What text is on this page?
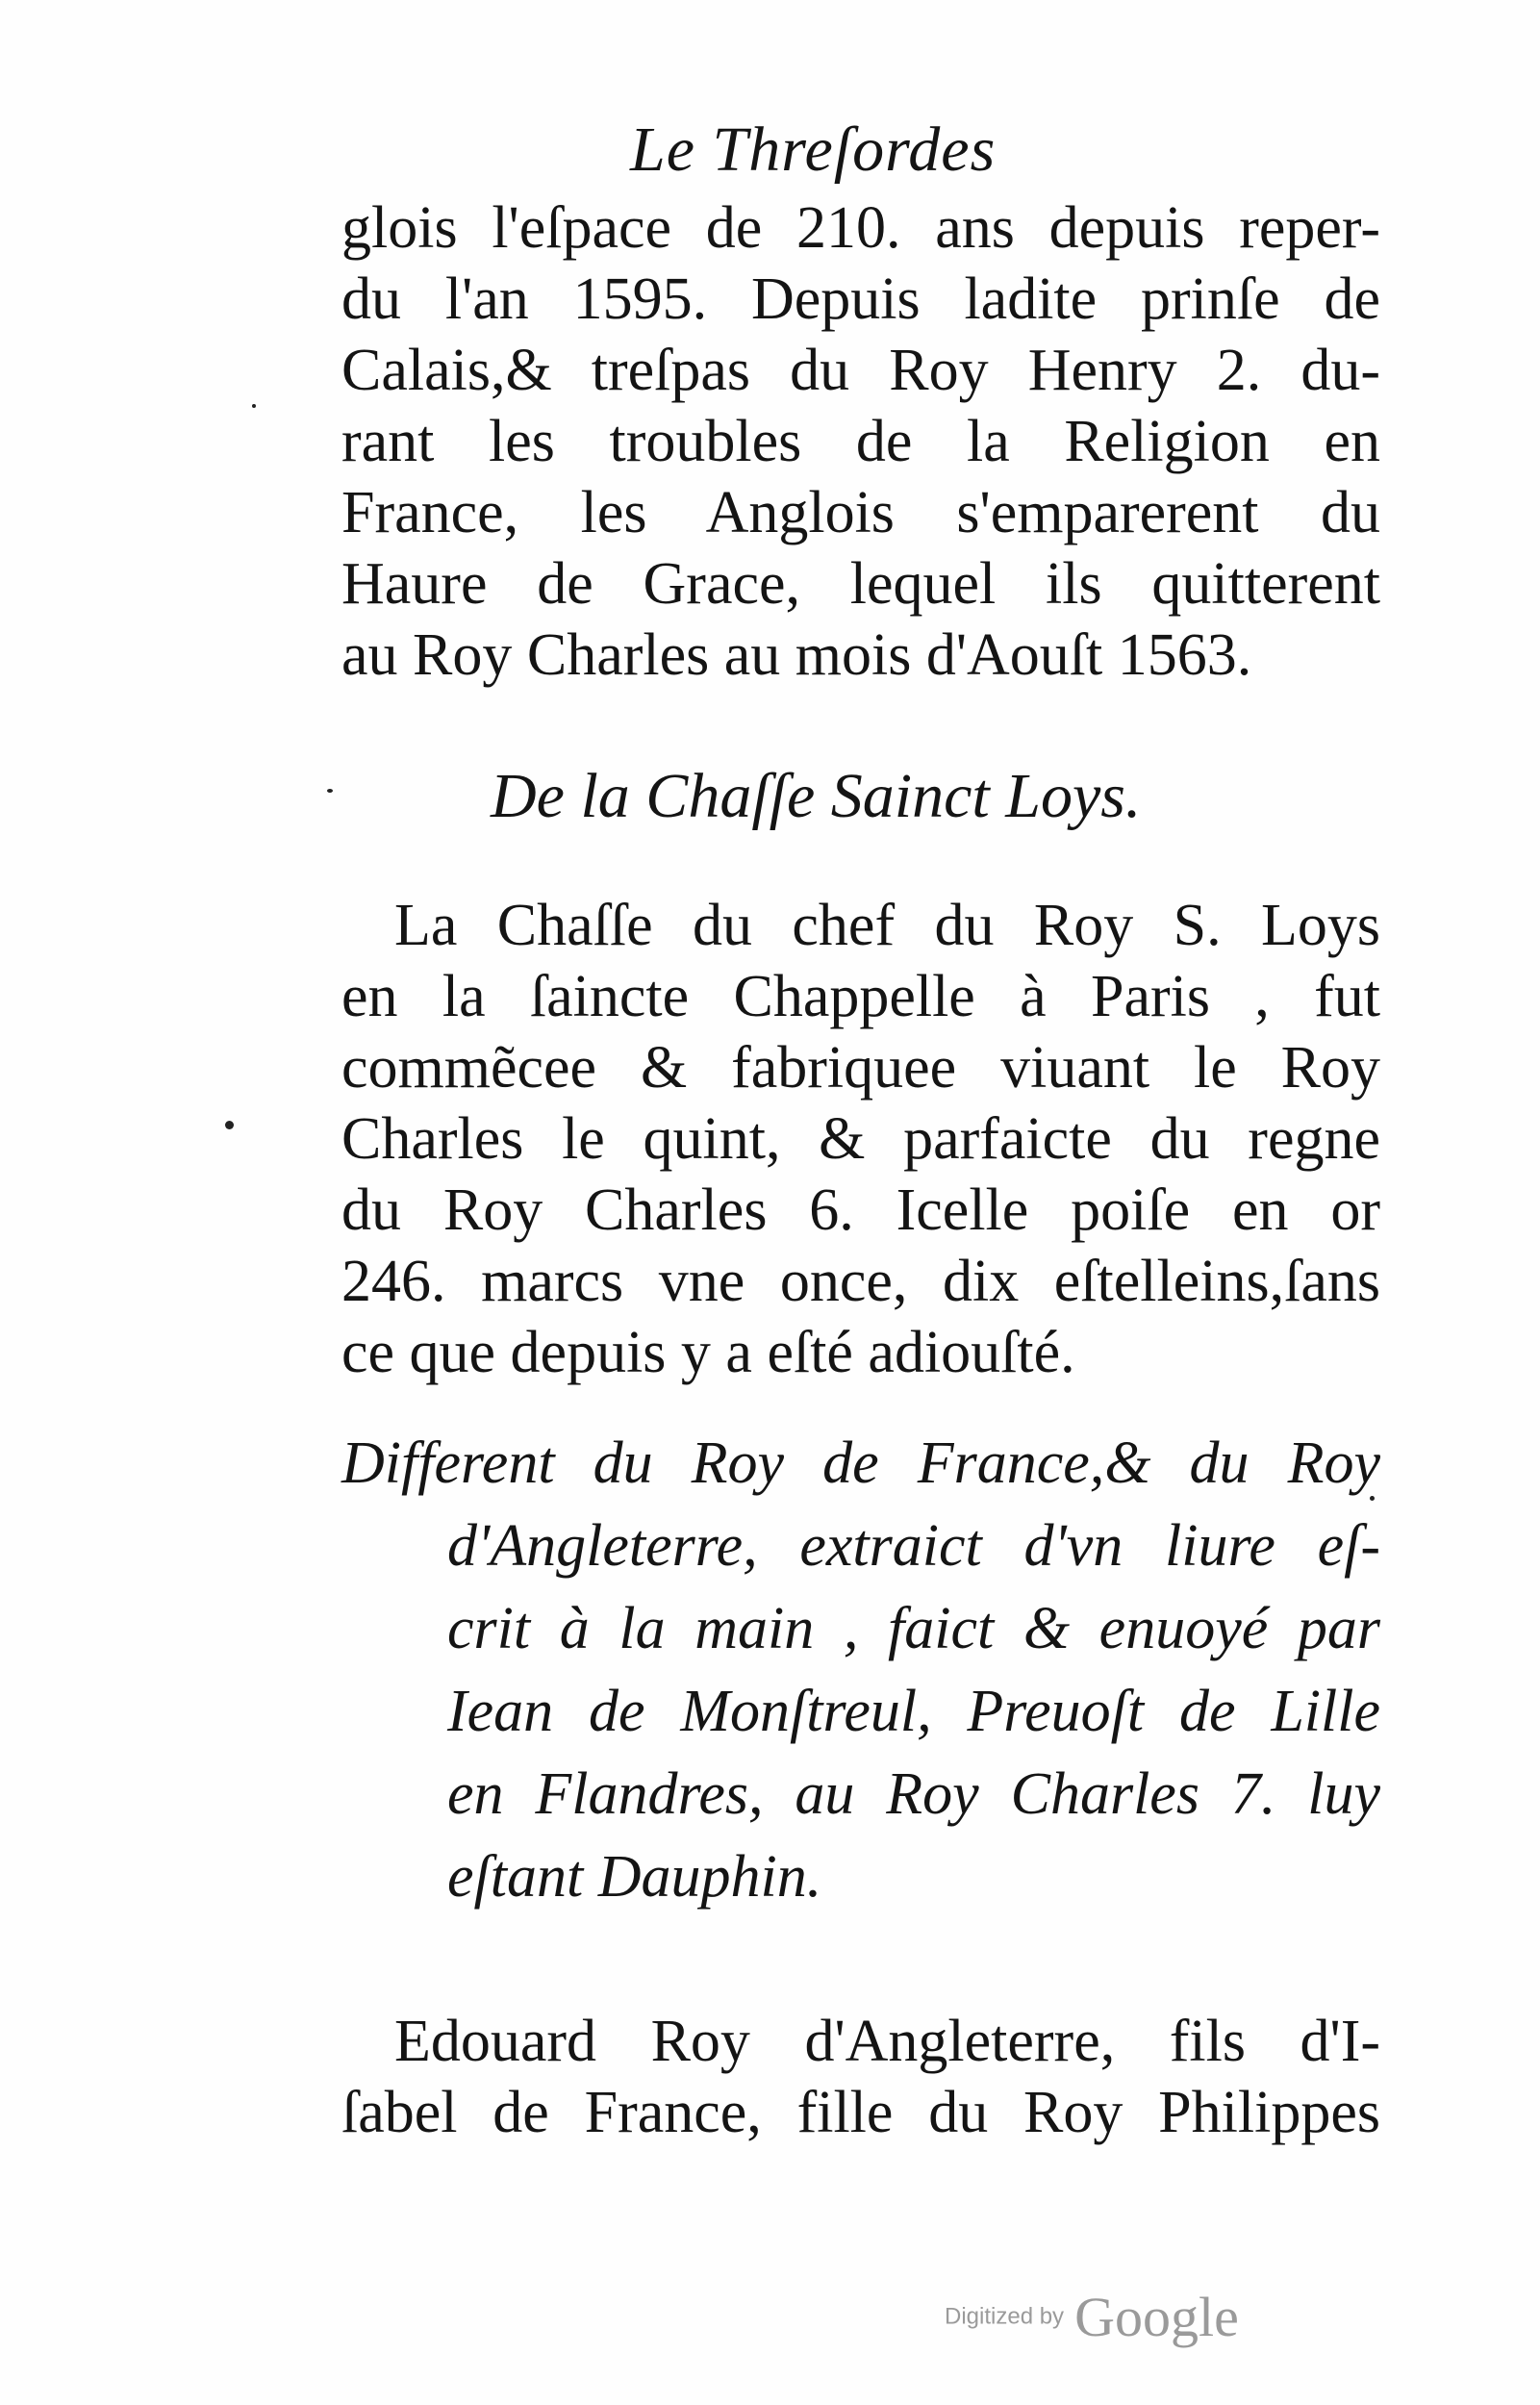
Le Threſordes
glois l'eſpace de 210. ans depuis reper-
du l'an 1595. Depuis ladite prinſe de
Calais,& treſpas du Roy Henry 2. du-
rant les troubles de la Religion en
France, les Anglois s'emparerent du
Haure de Grace, lequel ils quitterent
au Roy Charles au mois d'Aouſt 1563.
De la Chaſſe Sainct Loys.
La Chaſſe du chef du Roy S. Loys
en la ſaincte Chappelle à Paris , fut
commẽcee & fabriquee viuant le Roy
Charles le quint, & parfaicte du regne
du Roy Charles 6. Icelle poiſe en or
246. marcs vne once, dix eſtelleins,ſans
ce que depuis y a eſté adiouſté.
Different du Roy de France,& du Roy
d'Angleterre, extraict d'vn liure eſ-
crit à la main , faict & enuoyé par
Iean de Monſtreul, Preuoſt de Lille
en Flandres, au Roy Charles 7. luy
eſtant Dauphin.
Edouard Roy d'Angleterre, fils d'I-
ſabel de France, fille du Roy Philippes
Digitized by Google
